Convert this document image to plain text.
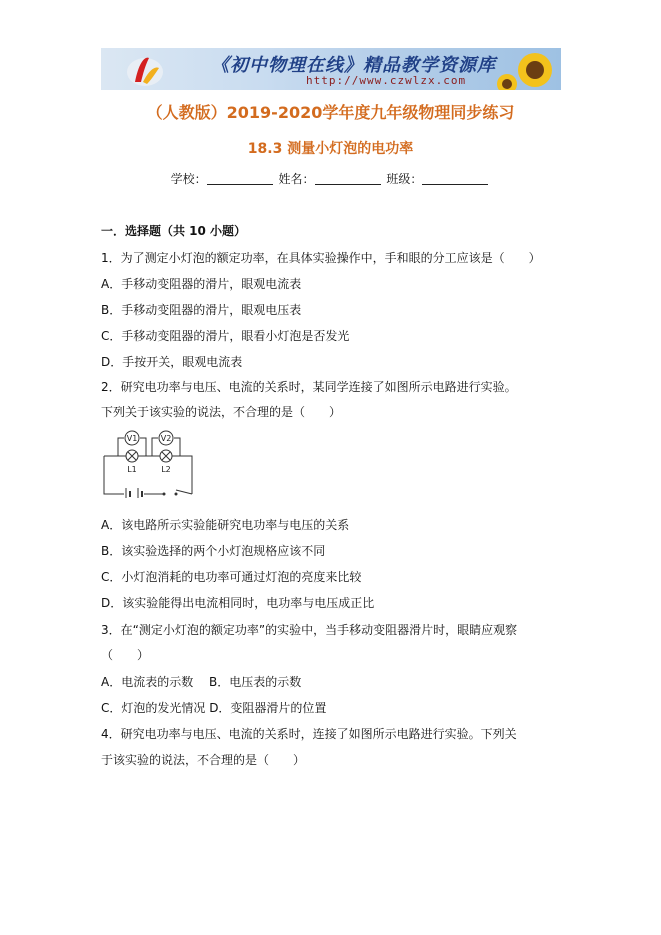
《初中物理在线》精品教学资源库
http://www.czwlzx.com
（人教版）2019-2020学年度九年级物理同步练习
18.3 测量小灯泡的电功率
学校：	姓名：	班级：
一．选择题（共 10 小题）
1．为了测定小灯泡的额定功率，在具体实验操作中，手和眼的分工应该是（　　）
A．手移动变阻器的滑片，眼观电流表
B．手移动变阻器的滑片，眼观电压表
C．手移动变阻器的滑片，眼看小灯泡是否发光
D．手按开关，眼观电流表
2．研究电功率与电压、电流的关系时，某同学连接了如图所示电路进行实验。
下列关于该实验的说法，不合理的是（　　）
V1	V2
L1	L2
A．该电路所示实验能研究电功率与电压的关系
B．该实验选择的两个小灯泡规格应该不同
C．小灯泡消耗的电功率可通过灯泡的亮度来比较
D．该实验能得出电流相同时，电功率与电压成正比
3．在“测定小灯泡的额定功率”的实验中，当手移动变阻器滑片时，眼睛应观察
（　　）
A．电流表的示数　 B．电压表的示数
C．灯泡的发光情况 D．变阻器滑片的位置
4．研究电功率与电压、电流的关系时，连接了如图所示电路进行实验。下列关
于该实验的说法，不合理的是（　　）
